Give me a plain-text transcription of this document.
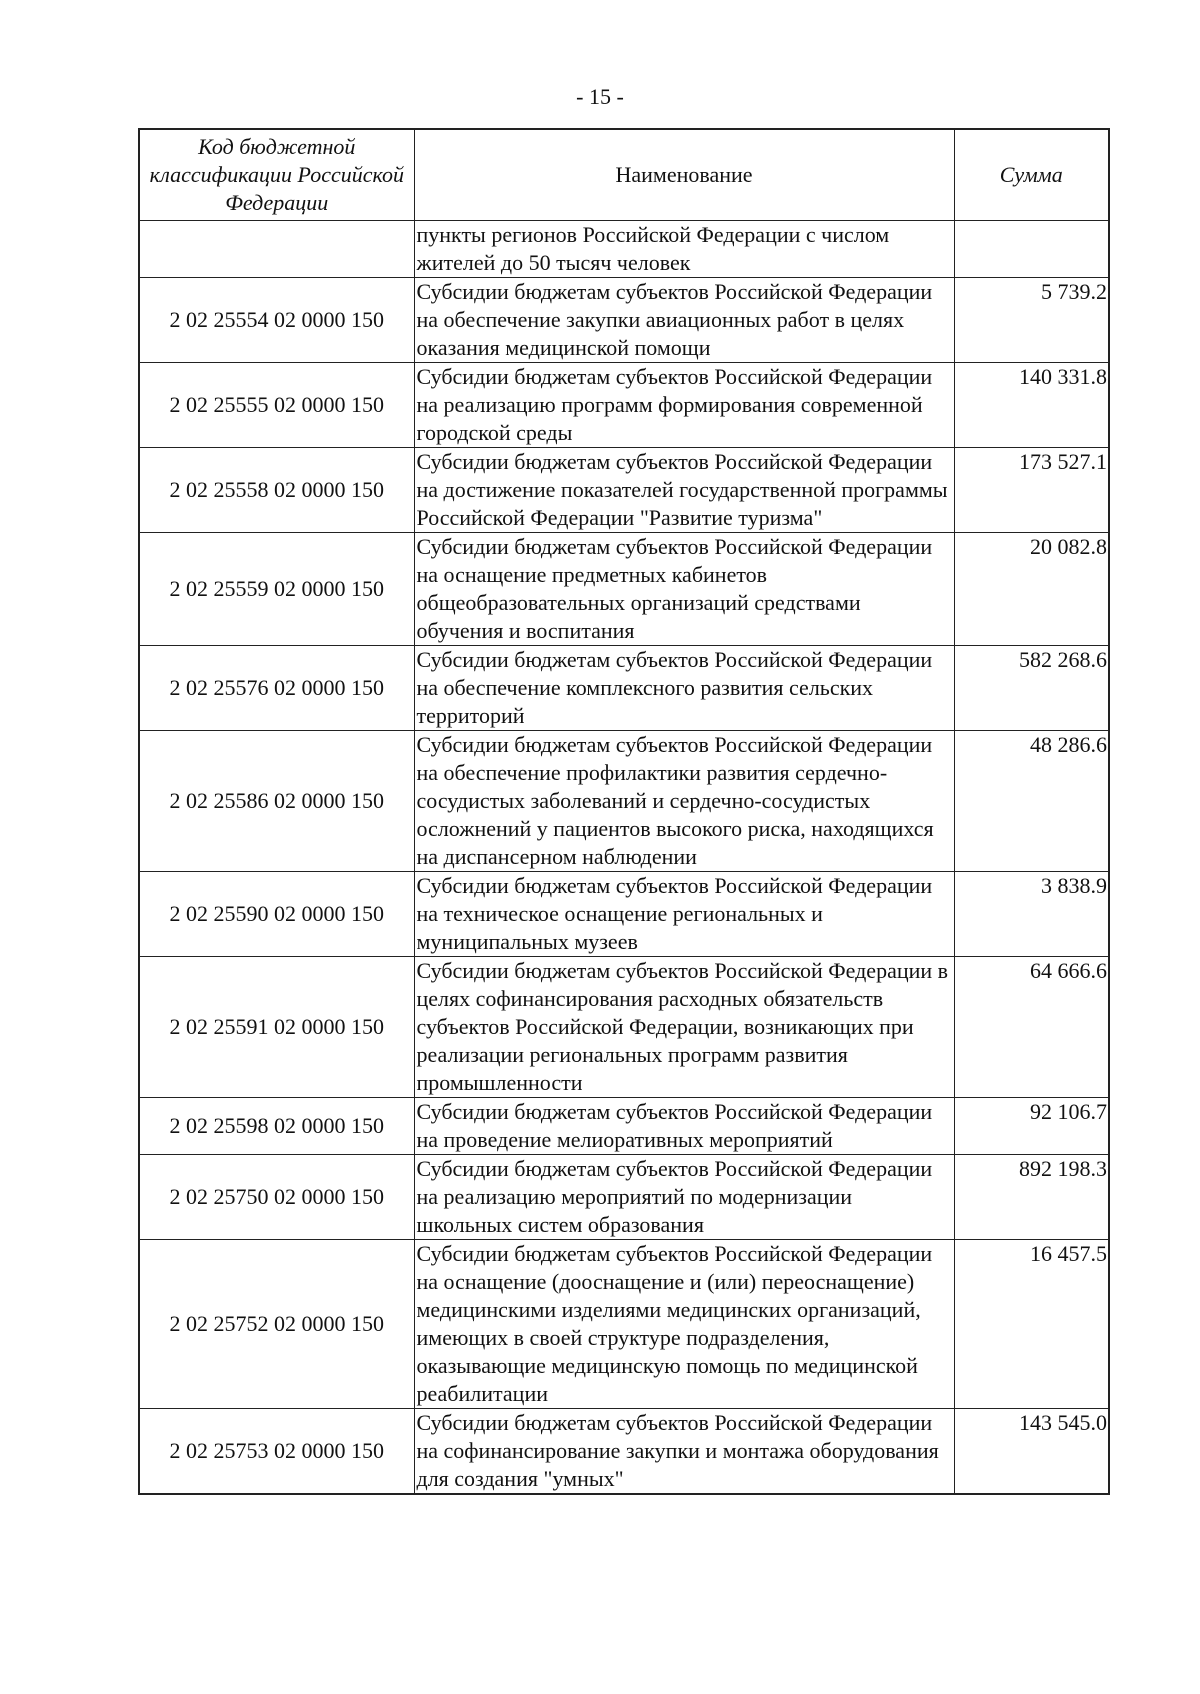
- 15 -
Код бюджетной классификации Российской Федерации	Наименование	Сумма
	пункты регионов Российской Федерации с числом жителей до 50 тысяч человек	
2 02 25554 02 0000 150	Субсидии бюджетам субъектов Российской Федерации на обеспечение закупки авиационных работ в целях оказания медицинской помощи	5 739.2
2 02 25555 02 0000 150	Субсидии бюджетам субъектов Российской Федерации на реализацию программ формирования современной городской среды	140 331.8
2 02 25558 02 0000 150	Субсидии бюджетам субъектов Российской Федерации на достижение показателей государственной программы Российской Федерации "Развитие туризма"	173 527.1
2 02 25559 02 0000 150	Субсидии бюджетам субъектов Российской Федерации на оснащение предметных кабинетов общеобразовательных организаций средствами обучения и воспитания	20 082.8
2 02 25576 02 0000 150	Субсидии бюджетам субъектов Российской Федерации на обеспечение комплексного развития сельских территорий	582 268.6
2 02 25586 02 0000 150	Субсидии бюджетам субъектов Российской Федерации на обеспечение профилактики развития сердечно-сосудистых заболеваний и сердечно-сосудистых осложнений у пациентов высокого риска, находящихся на диспансерном наблюдении	48 286.6
2 02 25590 02 0000 150	Субсидии бюджетам субъектов Российской Федерации на техническое оснащение региональных и муниципальных музеев	3 838.9
2 02 25591 02 0000 150	Субсидии бюджетам субъектов Российской Федерации в целях софинансирования расходных обязательств субъектов Российской Федерации, возникающих при реализации региональных программ развития промышленности	64 666.6
2 02 25598 02 0000 150	Субсидии бюджетам субъектов Российской Федерации на проведение мелиоративных мероприятий	92 106.7
2 02 25750 02 0000 150	Субсидии бюджетам субъектов Российской Федерации на реализацию мероприятий по модернизации школьных систем образования	892 198.3
2 02 25752 02 0000 150	Субсидии бюджетам субъектов Российской Федерации на оснащение (дооснащение и (или) переоснащение) медицинскими изделиями медицинских организаций, имеющих в своей структуре подразделения, оказывающие медицинскую помощь по медицинской реабилитации	16 457.5
2 02 25753 02 0000 150	Субсидии бюджетам субъектов Российской Федерации на софинансирование закупки и монтажа оборудования для создания "умных"	143 545.0
